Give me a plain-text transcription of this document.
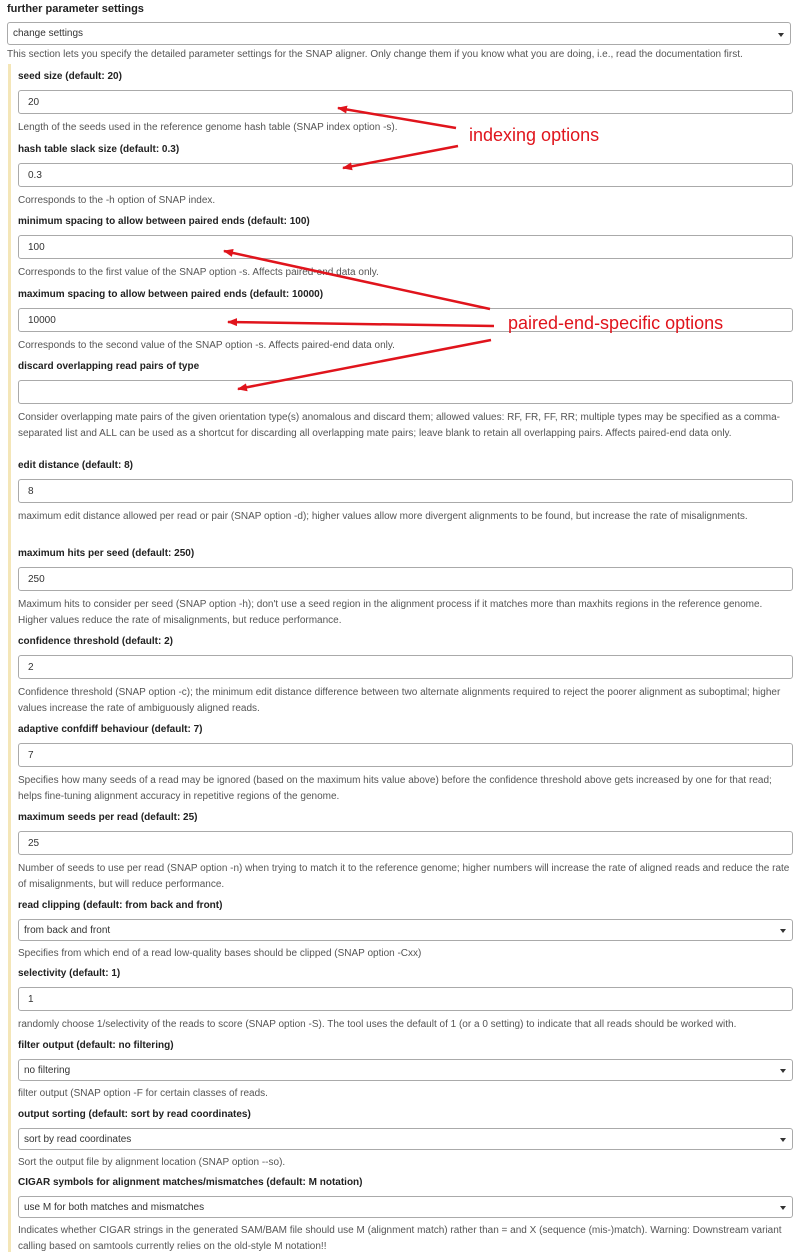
further parameter settings
change settings
This section lets you specify the detailed parameter settings for the SNAP aligner. Only change them if you know what you are doing, i.e., read the documentation first.
seed size (default: 20)
20
Length of the seeds used in the reference genome hash table (SNAP index option -s).
hash table slack size (default: 0.3)
0.3
Corresponds to the -h option of SNAP index.
minimum spacing to allow between paired ends (default: 100)
100
Corresponds to the first value of the SNAP option -s. Affects paired-end data only.
maximum spacing to allow between paired ends (default: 10000)
10000
Corresponds to the second value of the SNAP option -s. Affects paired-end data only.
discard overlapping read pairs of type
Consider overlapping mate pairs of the given orientation type(s) anomalous and discard them; allowed values: RF, FR, FF, RR; multiple types may be specified as a comma-separated list and ALL can be used as a shortcut for discarding all overlapping mate pairs; leave blank to retain all overlapping pairs. Affects paired-end data only.
edit distance (default: 8)
8
maximum edit distance allowed per read or pair (SNAP option -d); higher values allow more divergent alignments to be found, but increase the rate of misalignments.
maximum hits per seed (default: 250)
250
Maximum hits to consider per seed (SNAP option -h); don't use a seed region in the alignment process if it matches more than maxhits regions in the reference genome. Higher values reduce the rate of misalignments, but reduce performance.
confidence threshold (default: 2)
2
Confidence threshold (SNAP option -c); the minimum edit distance difference between two alternate alignments required to reject the poorer alignment as suboptimal; higher values increase the rate of ambiguously aligned reads.
adaptive confdiff behaviour (default: 7)
7
Specifies how many seeds of a read may be ignored (based on the maximum hits value above) before the confidence threshold above gets increased by one for that read; helps fine-tuning alignment accuracy in repetitive regions of the genome.
maximum seeds per read (default: 25)
25
Number of seeds to use per read (SNAP option -n) when trying to match it to the reference genome; higher numbers will increase the rate of aligned reads and reduce the rate of misalignments, but will reduce performance.
read clipping (default: from back and front)
from back and front
Specifies from which end of a read low-quality bases should be clipped (SNAP option -Cxx)
selectivity (default: 1)
1
randomly choose 1/selectivity of the reads to score (SNAP option -S). The tool uses the default of 1 (or a 0 setting) to indicate that all reads should be worked with.
filter output (default: no filtering)
no filtering
filter output (SNAP option -F for certain classes of reads.
output sorting (default: sort by read coordinates)
sort by read coordinates
Sort the output file by alignment location (SNAP option --so).
CIGAR symbols for alignment matches/mismatches (default: M notation)
use M for both matches and mismatches
Indicates whether CIGAR strings in the generated SAM/BAM file should use M (alignment match) rather than = and X (sequence (mis-)match). Warning: Downstream variant calling based on samtools currently relies on the old-style M notation!!
indexing options
paired-end-specific options
